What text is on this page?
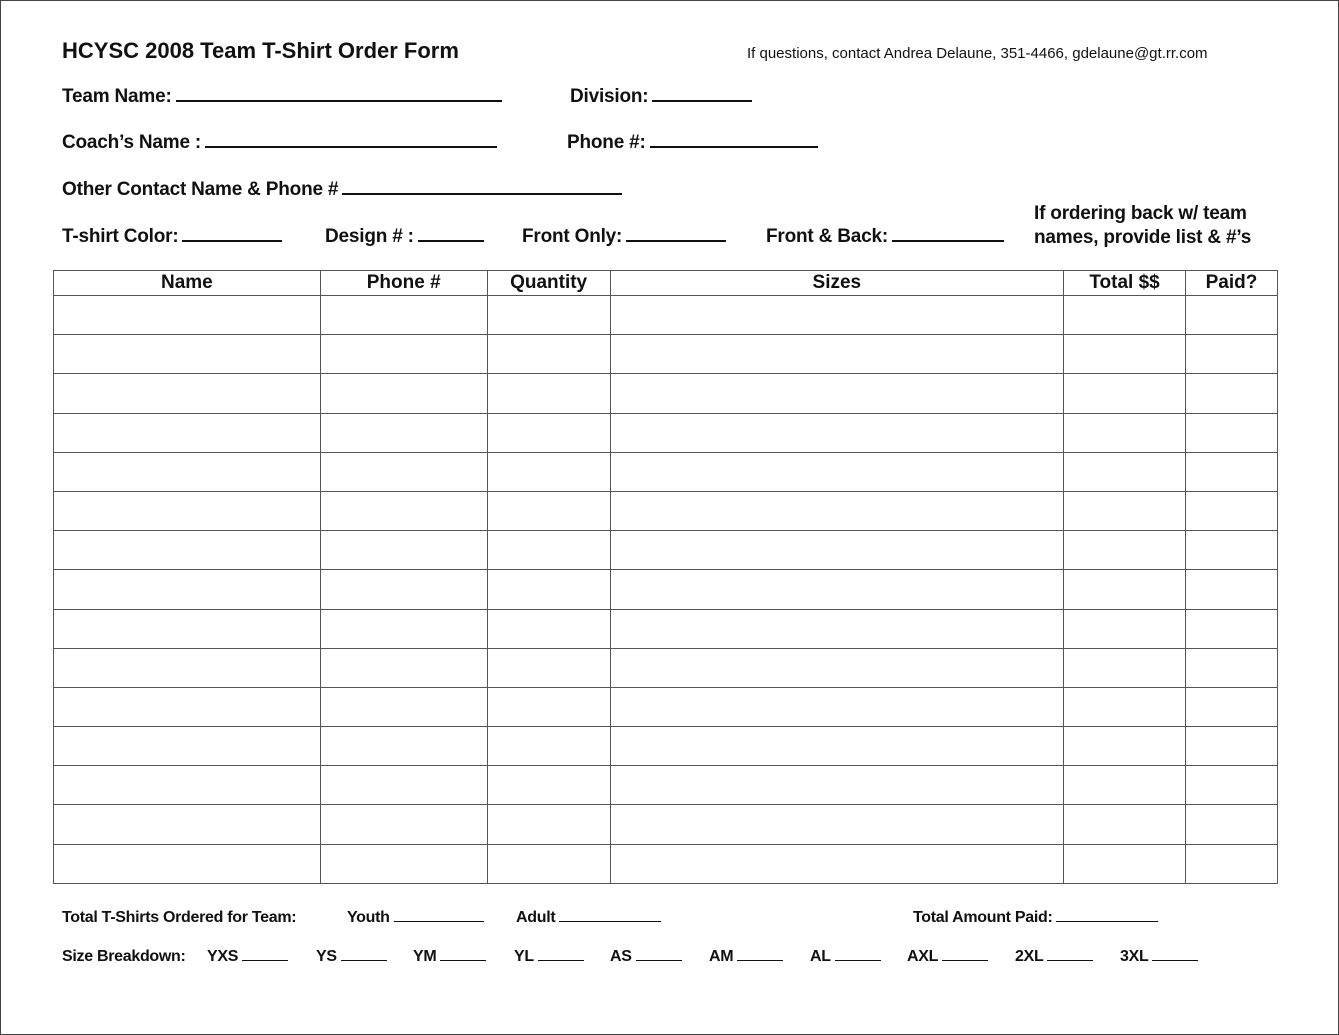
HCYSC 2008 Team T-Shirt Order Form	If questions, contact Andrea Delaune, 351-4466, gdelaune@gt.rr.com
Team Name:	Division:
Coach’s Name :	Phone #:
Other Contact Name & Phone #
T-shirt Color:	Design # :	Front Only:	Front & Back:
If ordering back w/ team
names, provide list & #’s
Name	Phone #	Quantity	Sizes	Total $$	Paid?

Total T-Shirts Ordered for Team:	Youth	Adult	Total Amount Paid:
Size Breakdown: YXS	YS	YM	YL	AS	AM	AL	AXL	2XL	3XL
